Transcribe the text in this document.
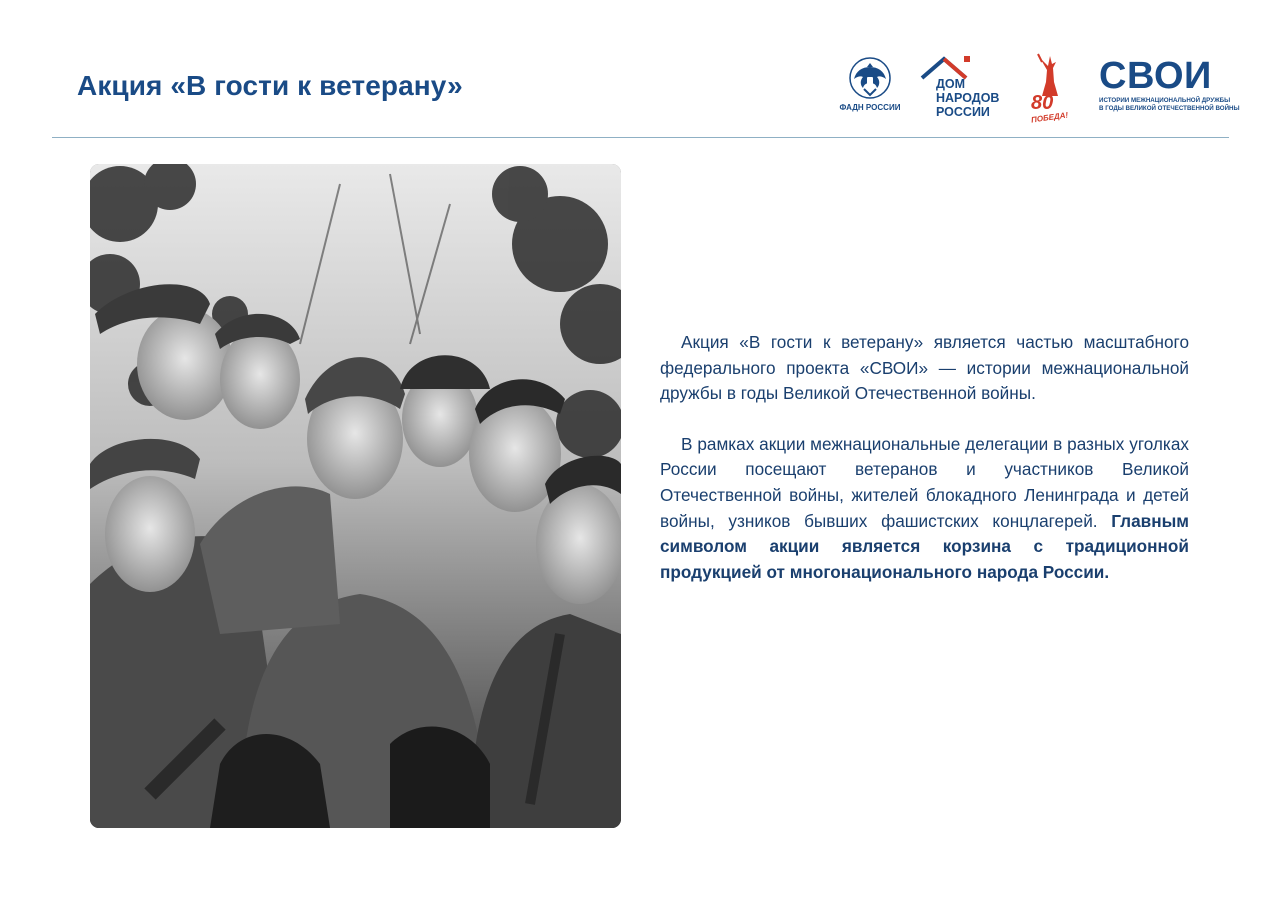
Акция «В гости к ветерану»
ФАДН РОССИИ
ДОМ
НАРОДОВ
РОССИИ	80
ПОБЕДА!
СВОИ
ИСТОРИИ МЕЖНАЦИОНАЛЬНОЙ ДРУЖБЫ
В ГОДЫ ВЕЛИКОЙ ОТЕЧЕСТВЕННОЙ ВОЙНЫ

Акция «В гости к ветерану» является частью масштабного федерального проекта «СВОИ» — истории межнациональной дружбы в годы Великой Отечественной войны.

В рамках акции межнациональные делегации в разных уголках России посещают ветеранов и участников Великой Отечественной войны, жителей блокадного Ленинграда и детей войны, узников бывших фашистских концлагерей. Главным символом акции является корзина с традиционной продукцией от многонационального народа России.
